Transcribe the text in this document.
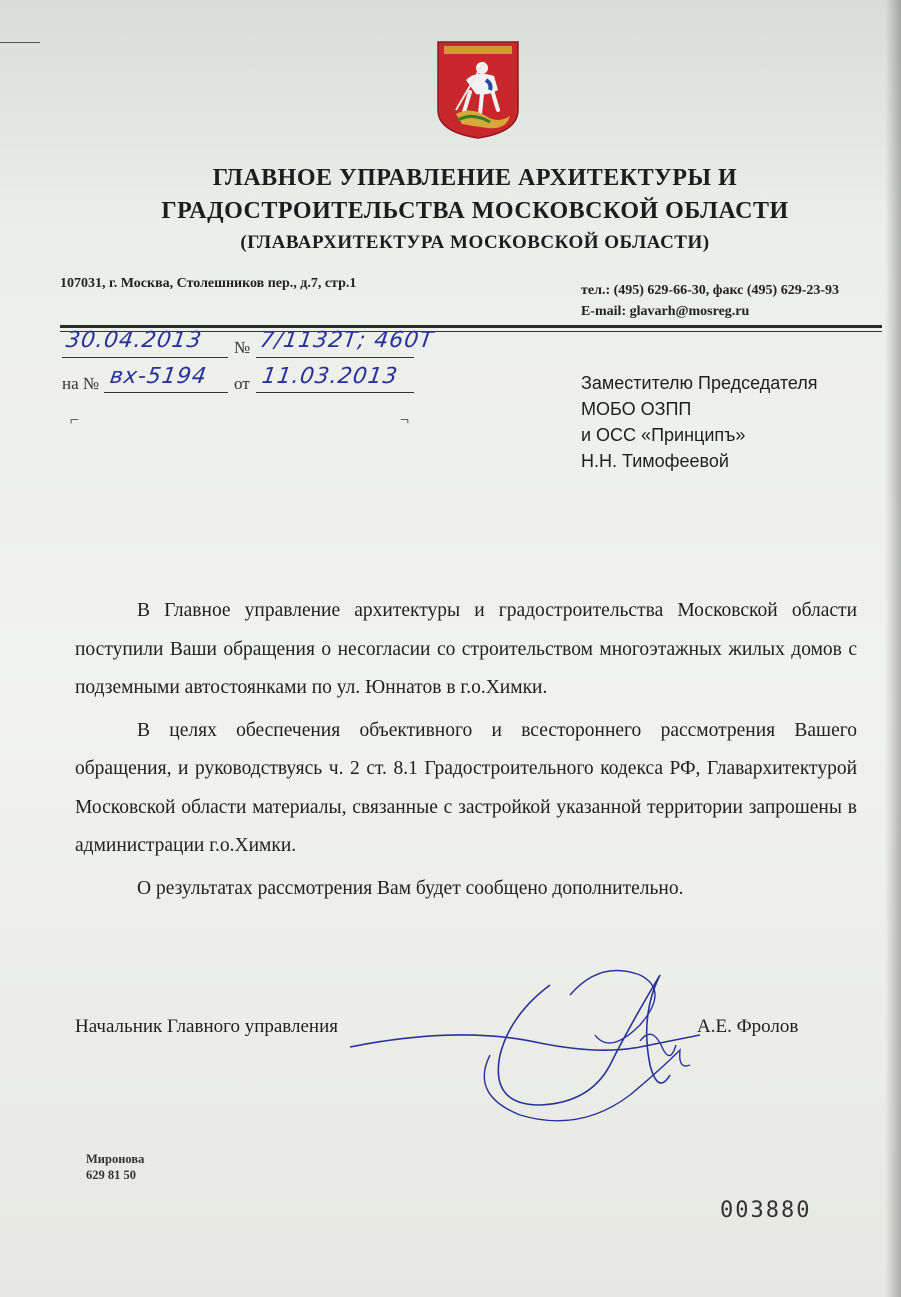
ГЛАВНОЕ УПРАВЛЕНИЕ АРХИТЕКТУРЫ И
ГРАДОСТРОИТЕЛЬСТВА МОСКОВСКОЙ ОБЛАСТИ
(ГЛАВАРХИТЕКТУРА МОСКОВСКОЙ ОБЛАСТИ)
107031, г. Москва, Столешников пер., д.7, стр.1	тел.: (495) 629-66-30, факс (495) 629-23-93
E-mail: glavarh@mosreg.ru
30.04.2013 № 7/1132Т; 460Т
на № вх-5194 от 11.03.2013
⌐	¬
Заместителю Председателя
МОБО ОЗПП
и ОСС «Принципъ»
Н.Н. Тимофеевой

В Главное управление архитектуры и градостроительства Московской области поступили Ваши обращения о несогласии со строительством многоэтажных жилых домов с подземными автостоянками по ул. Юннатов в г.о.Химки.

В целях обеспечения объективного и всестороннего рассмотрения Вашего обращения, и руководствуясь ч. 2 ст. 8.1 Градостроительного кодекса РФ, Главархитектурой Московской области материалы, связанные с застройкой указанной территории запрошены в администрации г.о.Химки.

О результатах рассмотрения Вам будет сообщено дополнительно.

Начальник Главного управления	А.Е. Фролов
Миронова
629 81 50
003880
